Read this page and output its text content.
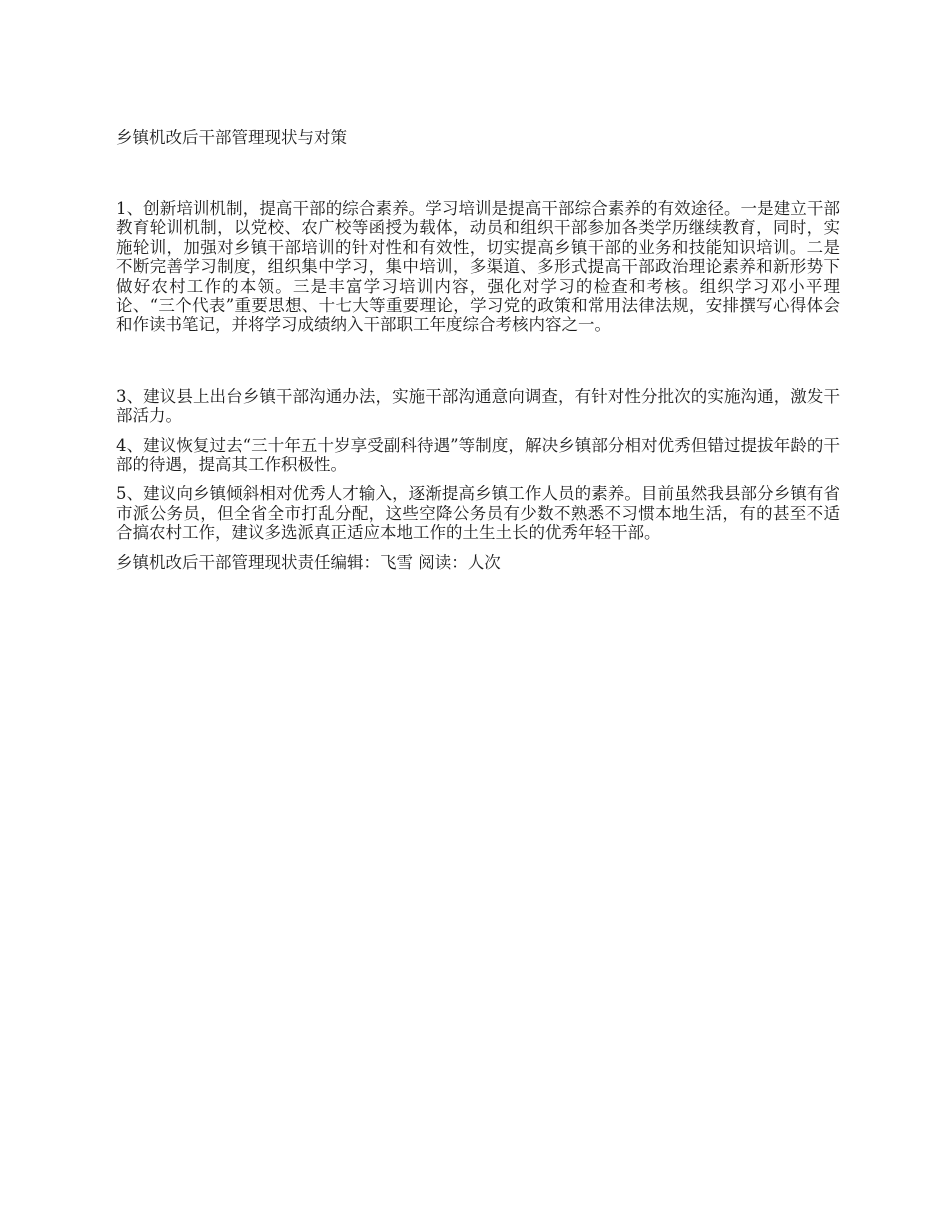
乡镇机改后干部管理现状与对策

1、创新培训机制，提高干部的综合素养。学习培训是提高干部综合素养的有效途径。一是建立干部教育轮训机制，以党校、农广校等函授为载体，动员和组织干部参加各类学历继续教育，同时，实施轮训，加强对乡镇干部培训的针对性和有效性，切实提高乡镇干部的业务和技能知识培训。二是不断完善学习制度，组织集中学习，集中培训，多渠道、多形式提高干部政治理论素养和新形势下做好农村工作的本领。三是丰富学习培训内容，强化对学习的检查和考核。组织学习邓小平理论、“三个代表”重要思想、十七大等重要理论，学习党的政策和常用法律法规，安排撰写心得体会和作读书笔记，并将学习成绩纳入干部职工年度综合考核内容之一。

3、建议县上出台乡镇干部沟通办法，实施干部沟通意向调查，有针对性分批次的实施沟通，激发干部活力。

4、建议恢复过去“三十年五十岁享受副科待遇”等制度，解决乡镇部分相对优秀但错过提拔年龄的干部的待遇，提高其工作积极性。

5、建议向乡镇倾斜相对优秀人才输入，逐渐提高乡镇工作人员的素养。目前虽然我县部分乡镇有省市派公务员，但全省全市打乱分配，这些空降公务员有少数不熟悉不习惯本地生活，有的甚至不适合搞农村工作，建议多选派真正适应本地工作的土生土长的优秀年轻干部。

乡镇机改后干部管理现状责任编辑：飞雪 阅读：人次
